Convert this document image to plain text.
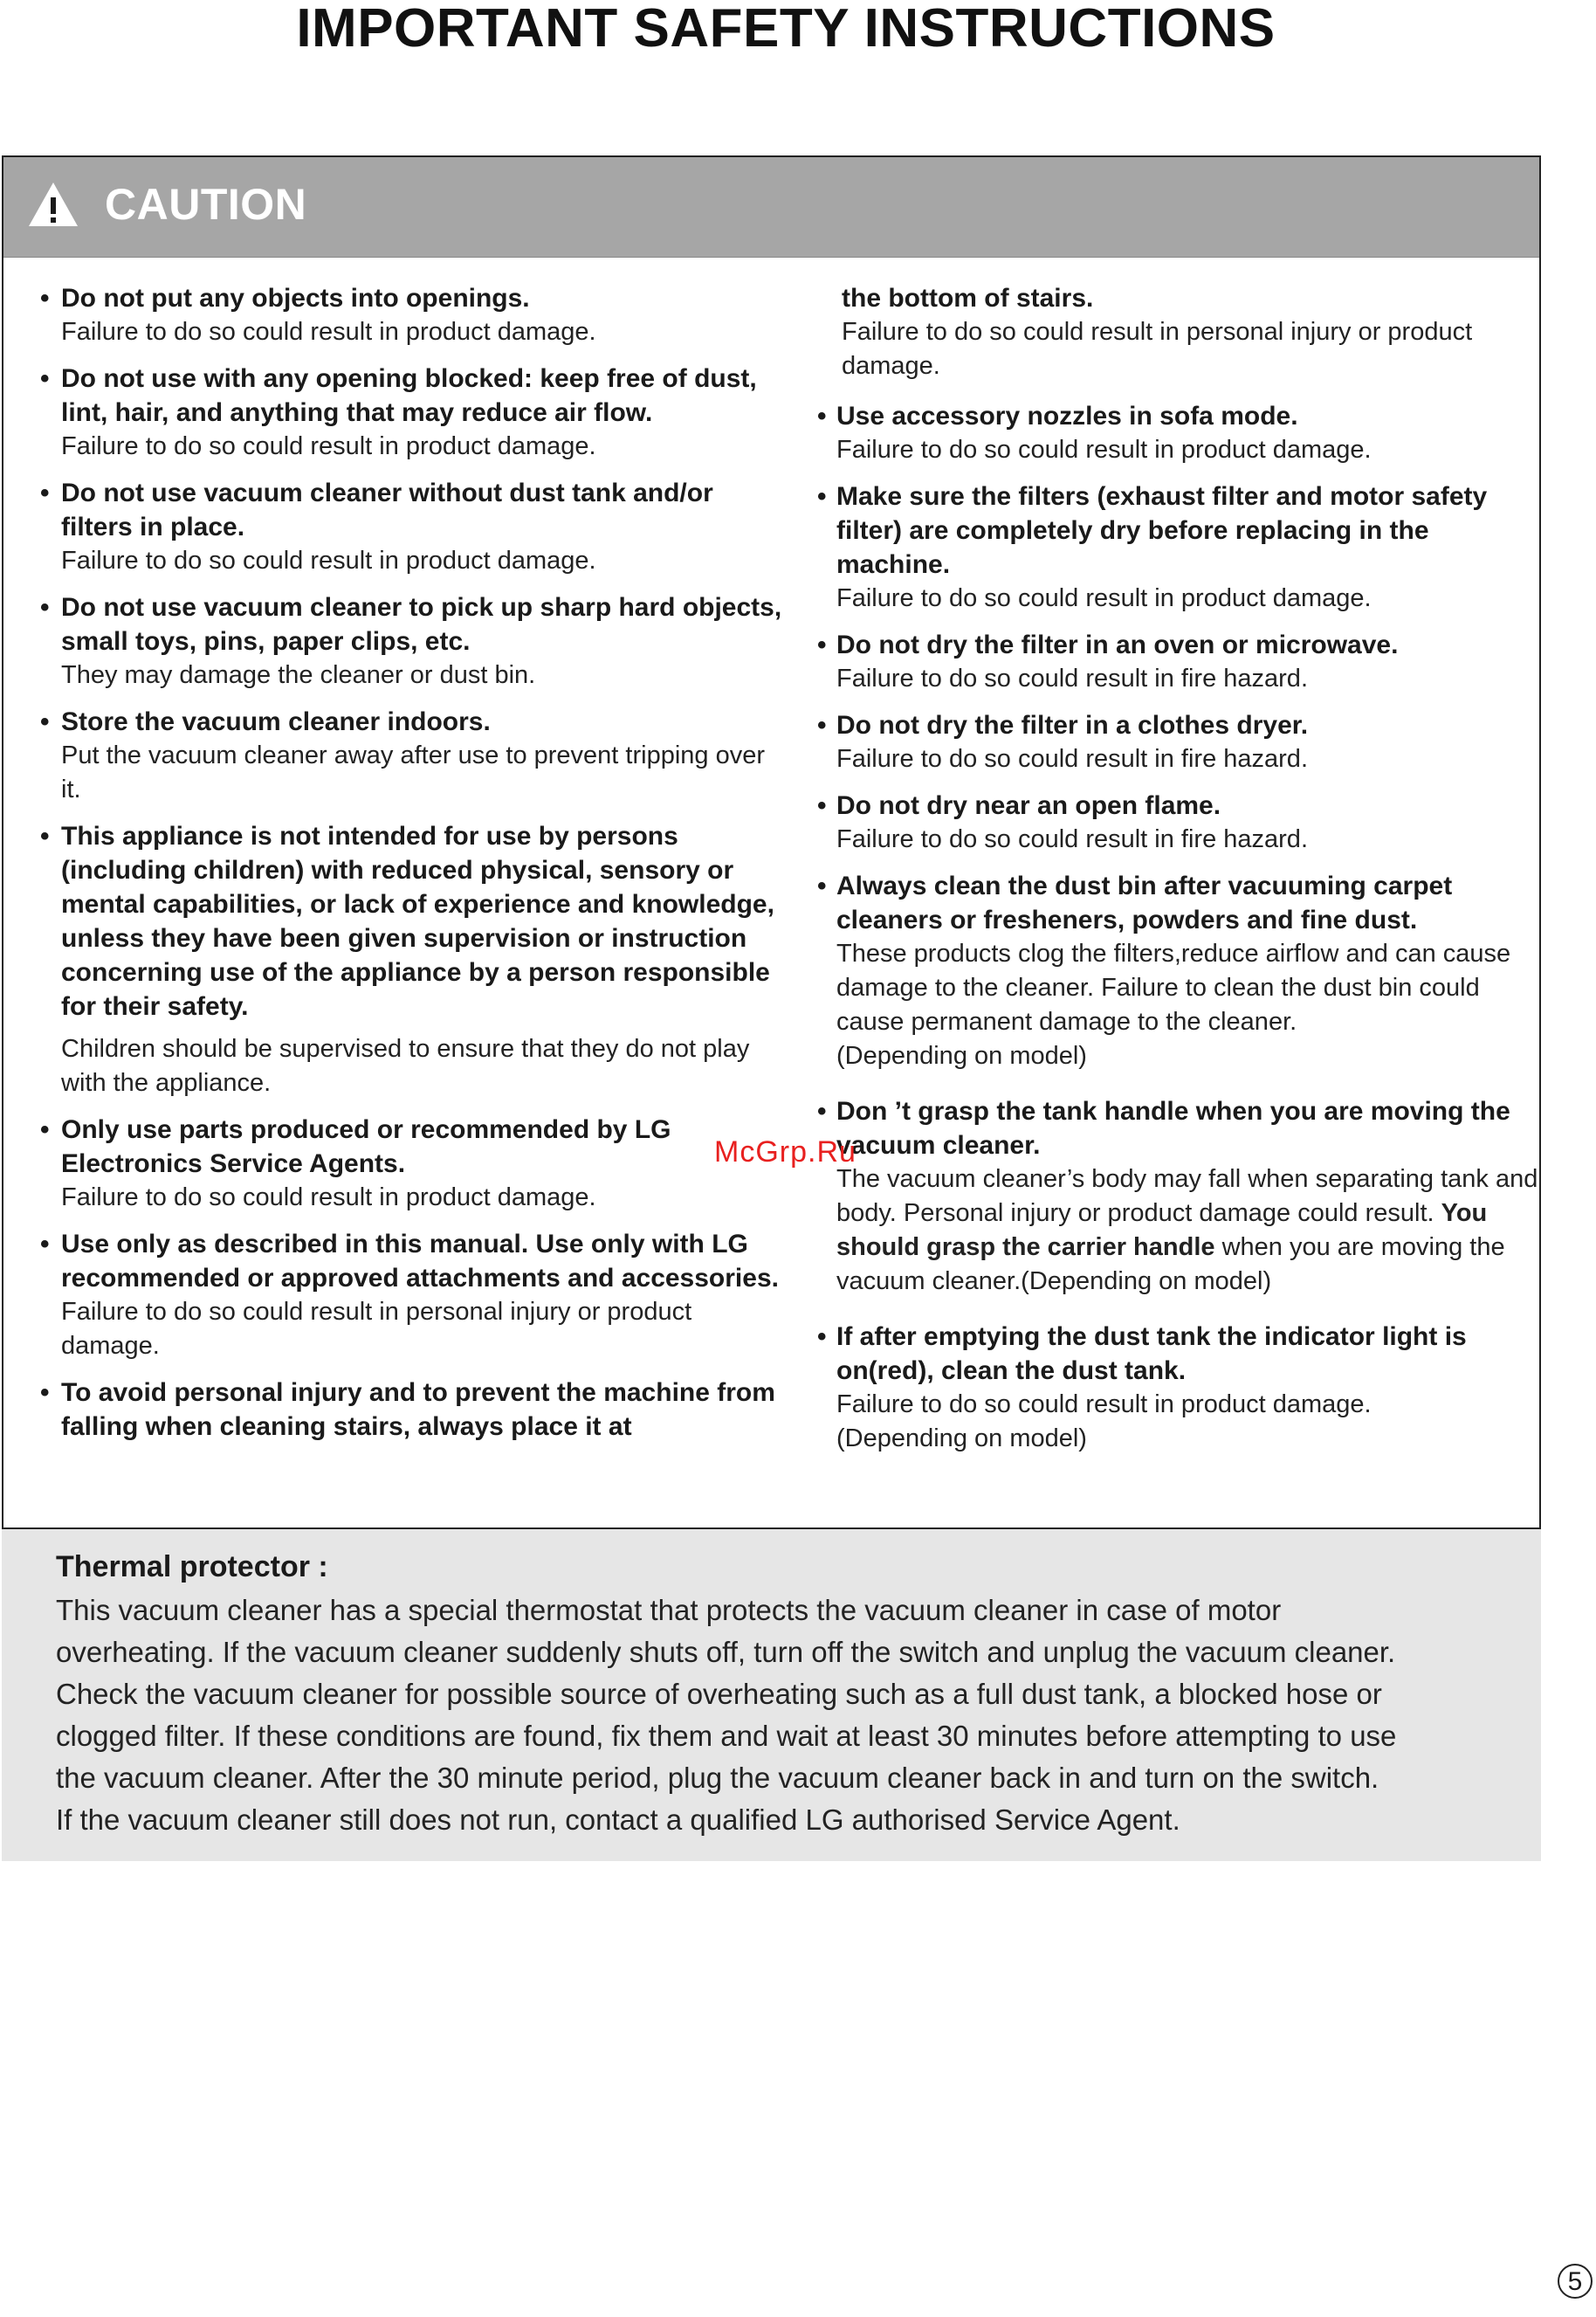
IMPORTANT SAFETY INSTRUCTIONS
CAUTION
• Do not put any objects into openings.
Failure to do so could result in product damage.
• Do not use with any opening blocked: keep free of dust, lint, hair, and anything that may reduce air flow.
Failure to do so could result in product damage.
• Do not use vacuum cleaner without dust tank and/or filters in place.
Failure to do so could result in product damage.
• Do not use vacuum cleaner to pick up sharp hard objects, small toys, pins, paper clips, etc.
They may damage the cleaner or dust bin.
• Store the vacuum cleaner indoors.
Put the vacuum cleaner away after use to prevent tripping over it.
• This appliance is not intended for use by persons (including children) with reduced physical, sensory or mental capabilities, or lack of experience and knowledge, unless they have been given supervision or instruction concerning use of the appliance by a person responsible for their safety.
Children should be supervised to ensure that they do not play with the appliance.
• Only use parts produced or recommended by LG Electronics Service Agents.
Failure to do so could result in product damage.
• Use only as described in this manual. Use only with LG recommended or approved attachments and accessories.
Failure to do so could result in personal injury or product damage.
• To avoid personal injury and to prevent the machine from falling when cleaning stairs, always place it at
the bottom of stairs.
Failure to do so could result in personal injury or product damage.
• Use accessory nozzles in sofa mode.
Failure to do so could result in product damage.
• Make sure the filters (exhaust filter and motor safety filter) are completely dry before replacing in the machine.
Failure to do so could result in product damage.
• Do not dry the filter in an oven or microwave.
Failure to do so could result in fire hazard.
• Do not dry the filter in a clothes dryer.
Failure to do so could result in fire hazard.
• Do not dry near an open flame.
Failure to do so could result in fire hazard.
• Always clean the dust bin after vacuuming carpet cleaners or fresheners, powders and fine dust.
These products clog the filters,reduce airflow and can cause damage to the cleaner. Failure to clean the dust bin could cause permanent damage to the cleaner.
(Depending on model)
• Don ’t grasp the tank handle when you are moving the vacuum cleaner.
The vacuum cleaner’s body may fall when separating tank and body. Personal injury or product damage could result. You should grasp the carrier handle when you are moving the vacuum cleaner.(Depending on model)
• If after emptying the dust tank the indicator light is on(red), clean the dust tank.
Failure to do so could result in product damage.
(Depending on model)
Thermal protector :
This vacuum cleaner has a special thermostat that protects the vacuum cleaner in case of motor
overheating. If the vacuum cleaner suddenly shuts off, turn off the switch and unplug the vacuum cleaner.
Check the vacuum cleaner for possible source of overheating such as a full dust tank, a blocked hose or
clogged filter. If these conditions are found, fix them and wait at least 30 minutes before attempting to use
the vacuum cleaner. After the 30 minute period, plug the vacuum cleaner back in and turn on the switch.
If the vacuum cleaner still does not run, contact a qualified LG authorised Service Agent.
McGrp.Ru
5
